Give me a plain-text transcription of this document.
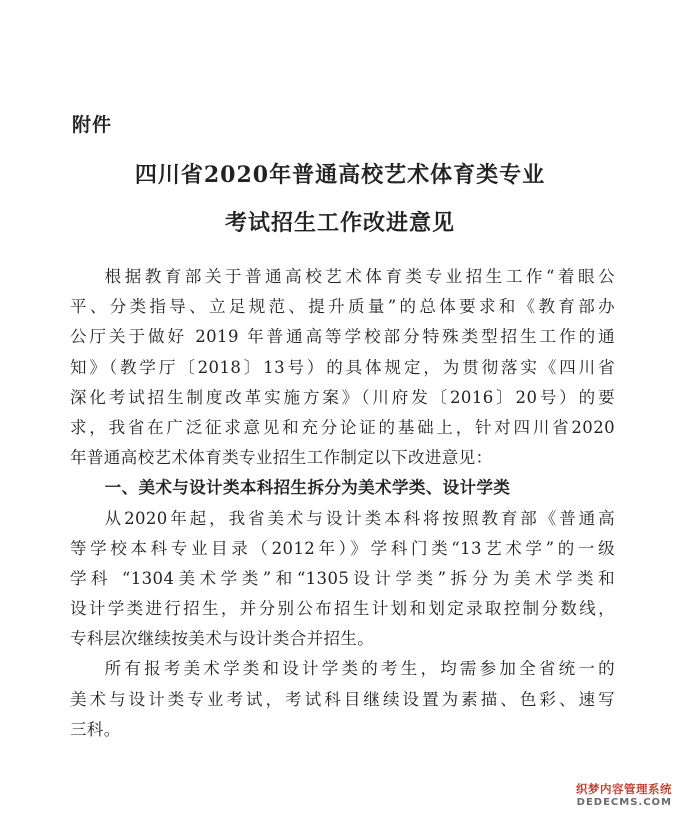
附件
四川省2020年普通高校艺术体育类专业
考试招生工作改进意见
根据教育部关于普通高校艺术体育类专业招生工作“着眼公
平、分类指导、立足规范、提升质量”的总体要求和《教育部办
公厅关于做好 2019 年普通高等学校部分特殊类型招生工作的通
知》（教学厅〔2018〕13号）的具体规定，为贯彻落实《四川省
深化考试招生制度改革实施方案》（川府发〔2016〕20号）的要
求，我省在广泛征求意见和充分论证的基础上，针对四川省2020
年普通高校艺术体育类专业招生工作制定以下改进意见：
一、美术与设计类本科招生拆分为美术学类、设计学类
从2020年起，我省美术与设计类本科将按照教育部《普通高
等学校本科专业目录（2012年）》学科门类“13艺术学”的一级
学科 “1304美术学类”和“1305设计学类”拆分为美术学类和
设计学类进行招生，并分别公布招生计划和划定录取控制分数线，
专科层次继续按美术与设计类合并招生。
所有报考美术学类和设计学类的考生，均需参加全省统一的
美术与设计类专业考试，考试科目继续设置为素描、色彩、速写
三科。
织梦内容管理系统
DEDECMS.COM
